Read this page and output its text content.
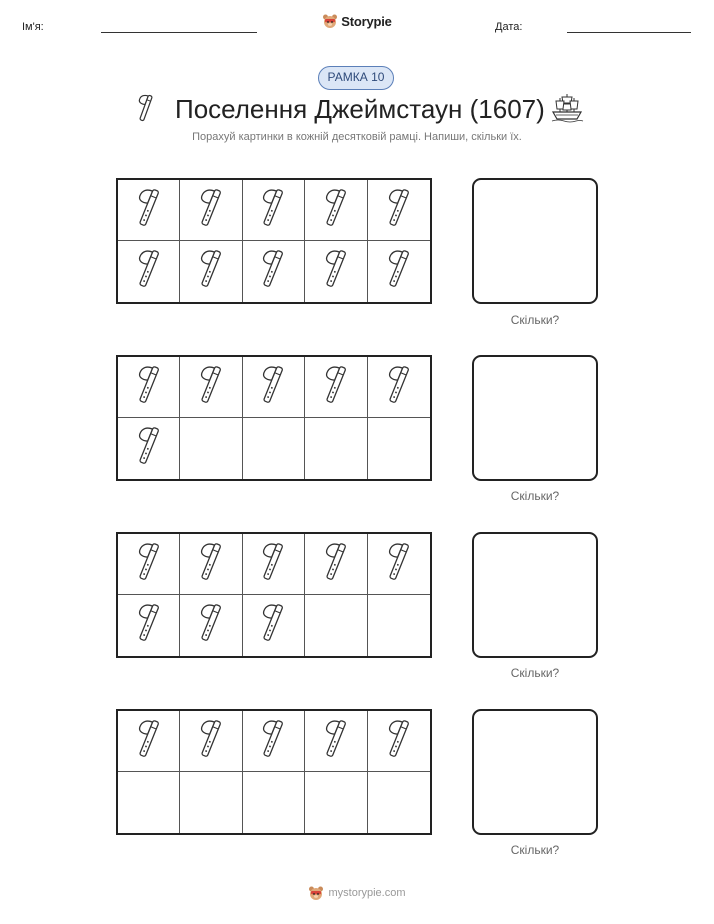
Ім'я:	Storypie	Дата:
РАМКА 10
Поселення Джеймстаун (1607)
Порахуй картинки в кожній десятковій рамці. Напиши, скільки їх.
Скільки?
Скільки?
Скільки?
Скільки?
mystorypie.com
